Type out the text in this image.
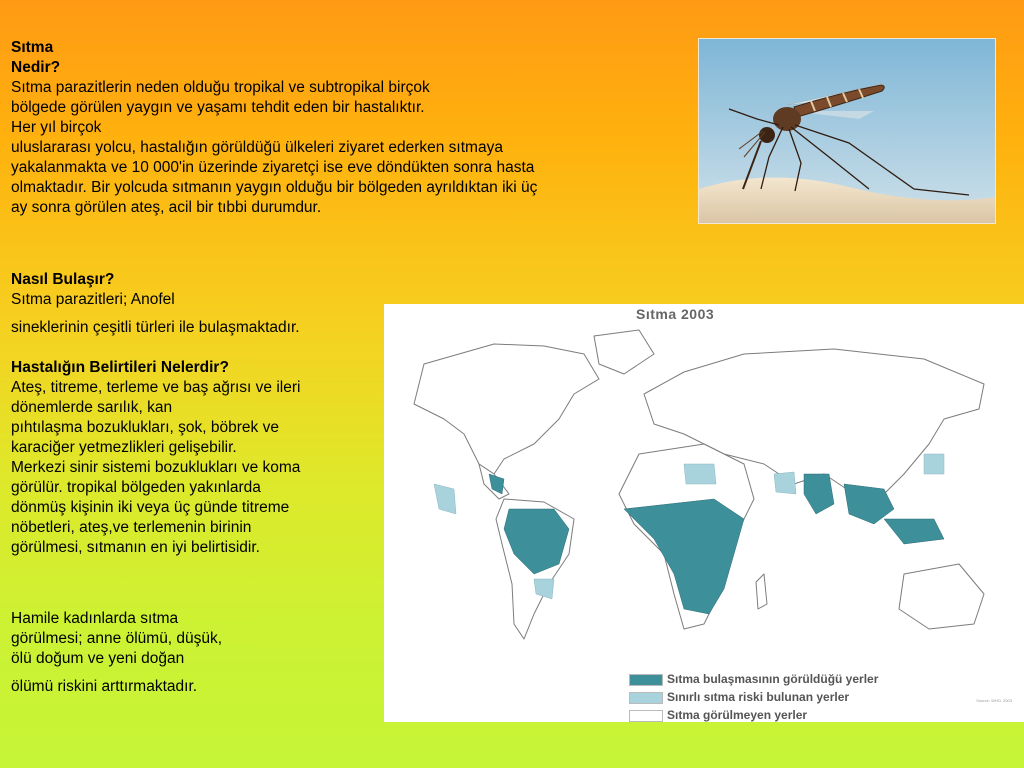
Sıtma
Nedir?
Sıtma parazitlerin neden olduğu tropikal ve subtropikal birçok
bölgede görülen yaygın ve yaşamı tehdit eden bir hastalıktır.
Her yıl birçok
uluslararası yolcu, hastalığın görüldüğü ülkeleri ziyaret ederken sıtmaya
yakalanmakta ve 10 000'in üzerinde ziyaretçi ise eve döndükten sonra hasta
olmaktadır. Bir yolcuda sıtmanın yaygın olduğu bir bölgeden ayrıldıktan iki üç
ay sonra görülen ateş, acil bir tıbbi durumdur.
Nasıl Bulaşır?
Sıtma parazitleri; Anofel
sineklerinin çeşitli türleri ile bulaşmaktadır.
Hastalığın Belirtileri Nelerdir?
Ateş, titreme, terleme ve baş ağrısı ve ileri
dönemlerde sarılık, kan
pıhtılaşma bozuklukları, şok, böbrek ve
karaciğer yetmezlikleri gelişebilir.
Merkezi sinir sistemi bozuklukları ve koma
görülür. tropikal bölgeden yakınlarda
dönmüş kişinin iki veya üç günde titreme
nöbetleri, ateş,ve terlemenin birinin
görülmesi, sıtmanın en iyi belirtisidir.
Hamile kadınlarda sıtma
görülmesi; anne ölümü, düşük,
ölü doğum ve yeni doğan
ölümü riskini arttırmaktadır.
Sıtma 2003
Sıtma bulaşmasının görüldüğü yerler
Sınırlı sıtma riski bulunan yerler
Sıtma görülmeyen yerler
Source: WHO, 2003
